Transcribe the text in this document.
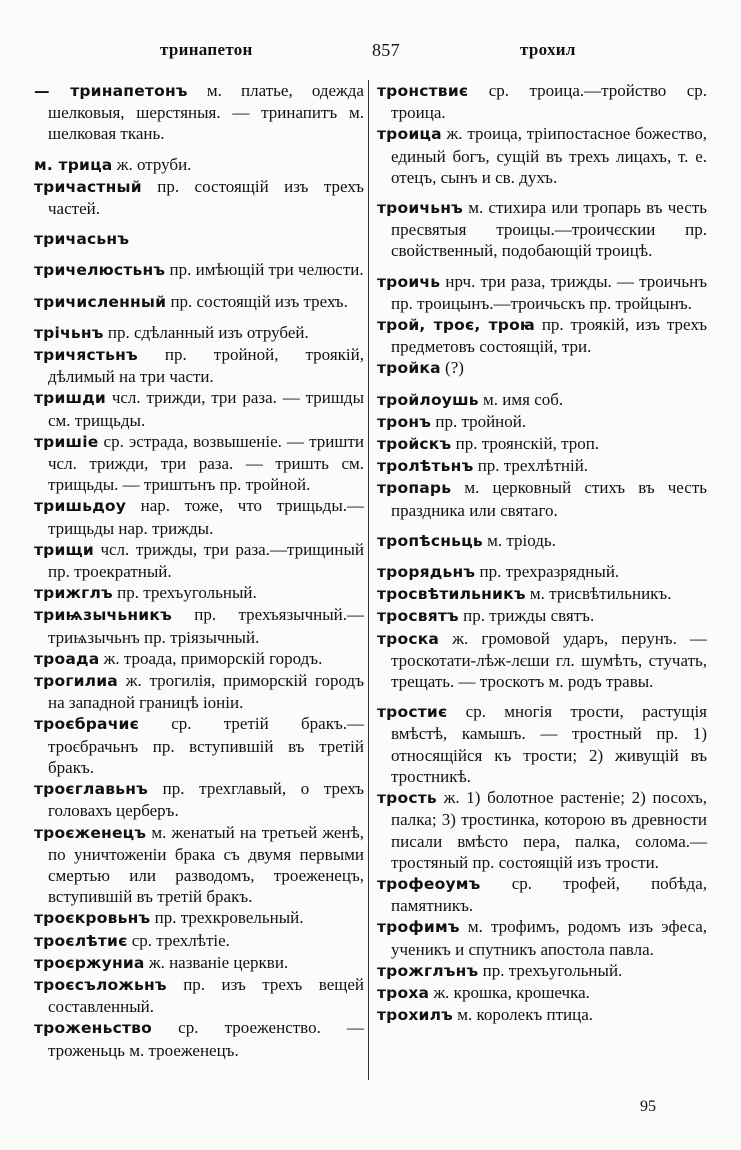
тринапетон	857	трохил
— тринапетонъ м. платье, одежда шелковыя, шерстяныя. — тринапитъ м. шелковая ткань.
м. трица ж. отруби.
тричастный пр. состоящій изъ трехъ частей.
тричасьнъ
тричелюстьнъ пр. имѣющій три челюсти.
тричисленный пр. состоящій изъ трехъ.
трічьнъ пр. сдѣланный изъ отрубей.
тричястьнъ пр. тройной, троякій, дѣлимый на три части.
тришди чсл. трижди, три раза. — тришды см. трищьды.
тришіе ср. эстрада, возвышеніе. — тришти чсл. трижди, три раза. — тришть см. трищьды. — триштьнъ пр. тройной.
тришьдоу нар. тоже, что трищьды.— трищьды нар. трижды.
трищи чсл. трижды, три раза.—трищиный пр. троекратный.
трижглъ пр. трехъугольный.
триѩзычьникъ пр. трехъязычный.— триѩзычьнъ пр. тріязычный.
троада ж. троада, приморскій городъ.
трогилиа ж. трогилія, приморскій городъ на западной границѣ іоніи.
троєбрачиє ср. третій бракъ.—троєбрачьнъ пр. вступившій въ третій бракъ.
троєглавьнъ пр. трехглавый, о трехъ головахъ церберъ.
троєженецъ м. женатый на третьей женѣ, по уничтоженіи брака съ двумя первыми смертью или разводомъ, троеженецъ, вступившій въ третій бракъ.
троєкровьнъ пр. трехкровельный.
троєлѣтиє ср. трехлѣтіе.
троєржуниа ж. названіе церкви.
троєсъложьнъ пр. изъ трехъ вещей составленный.
троженьство ср. троеженство. — троженьць м. троеженецъ.
тронствиє ср. троица.—тройство ср. троица.
троица ж. троица, тріипостасное божество, единый богъ, сущій въ трехъ лицахъ, т. е. отецъ, сынъ и св. духъ.
троичьнъ м. стихира или тропарь въ честь пресвятыя троицы.—троичєскии пр. свойственный, подобающій троицѣ.
троичь нрч. три раза, трижды. — троичьнъ пр. троицынъ.—троичьскъ пр. тройцынъ.
трой, троє, троꙗ пр. троякій, изъ трехъ предметовъ состоящій, три.
тройка (?)
тройлоушь м. имя соб.
тронъ пр. тройной.
тройскъ пр. троянскій, троп.
тролѣтьнъ пр. трехлѣтній.
тропарь м. церковный стихъ въ честь праздника или святаго.
тропѣсньць м. тріодь.
трорядьнъ пр. трехразрядный.
тросвѣтильникъ м. трисвѣтильникъ.
тросвятъ пр. трижды святъ.
троска ж. громовой ударъ, перунъ. —троскотати-лѣж-лєши гл. шумѣть, стучать, трещать. — троскотъ м. родъ травы.
тростиє ср. многія трости, растущія вмѣстѣ, камышъ. — тростный пр. 1) относящійся къ трости; 2) живущій въ тростникѣ.
трость ж. 1) болотное растеніе; 2) посохъ, палка; 3) тростинка, которою въ древности писали вмѣсто пера, палка, солома.—тростяный пр. состоящій изъ трости.
трофеоумъ ср. трофей, побѣда, памятникъ.
трофимъ м. трофимъ, родомъ изъ эфеса, ученикъ и спутникъ апостола павла.
трожглънъ пр. трехъугольный.
троха ж. крошка, крошечка.
трохилъ м. королекъ птица.
95
